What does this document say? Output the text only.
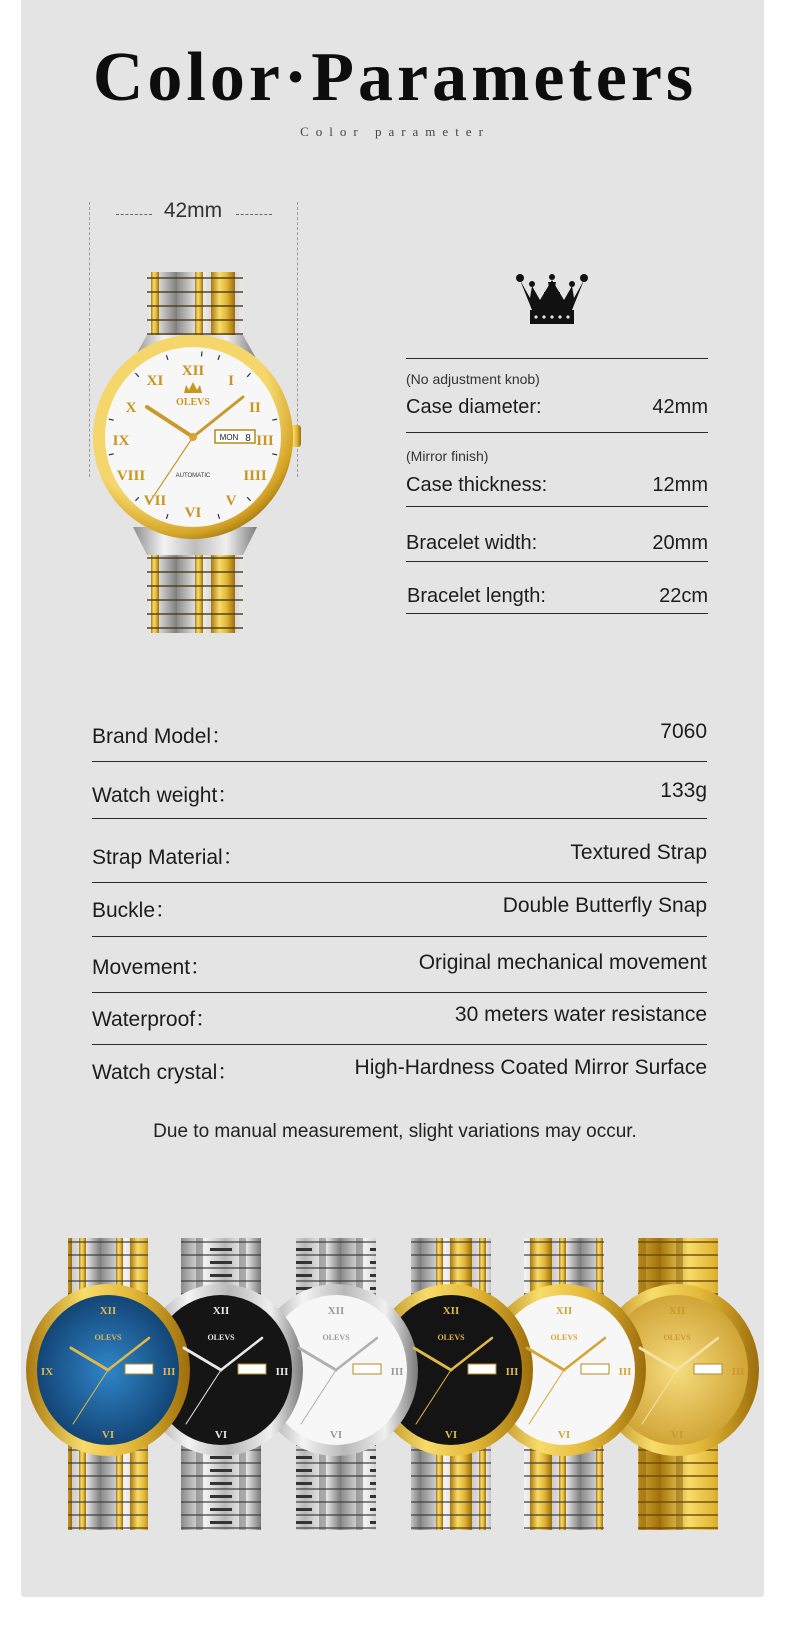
Color·Parameters
Color parameter
42mm
XII
I
II
III
IIII
V
VI
VII
VIII
IX
X
XI
OLEVS
MON 8
AUTOMATIC
(No adjustment knob)
Case diameter:	42mm
(Mirror finish)
Case thickness:	12mm
Bracelet width:	20mm
Bracelet length:	22cm
Brand Model：	7060
Watch weight：	133g
Strap Material：	Textured Strap
Buckle：	Double Butterfly Snap
Movement：	Original mechanical movement
Waterproof：	30 meters water resistance
Watch crystal：	High-Hardness Coated Mirror Surface
Due to manual measurement, slight variations may occur.
XII
VI
III
IX
OLEVS
XII
VI
III
OLEVS
XII
VI
III
OLEVS
XII
VI
III
OLEVS
XII
VI
III
OLEVS
XII
VI
III
OLEVS
